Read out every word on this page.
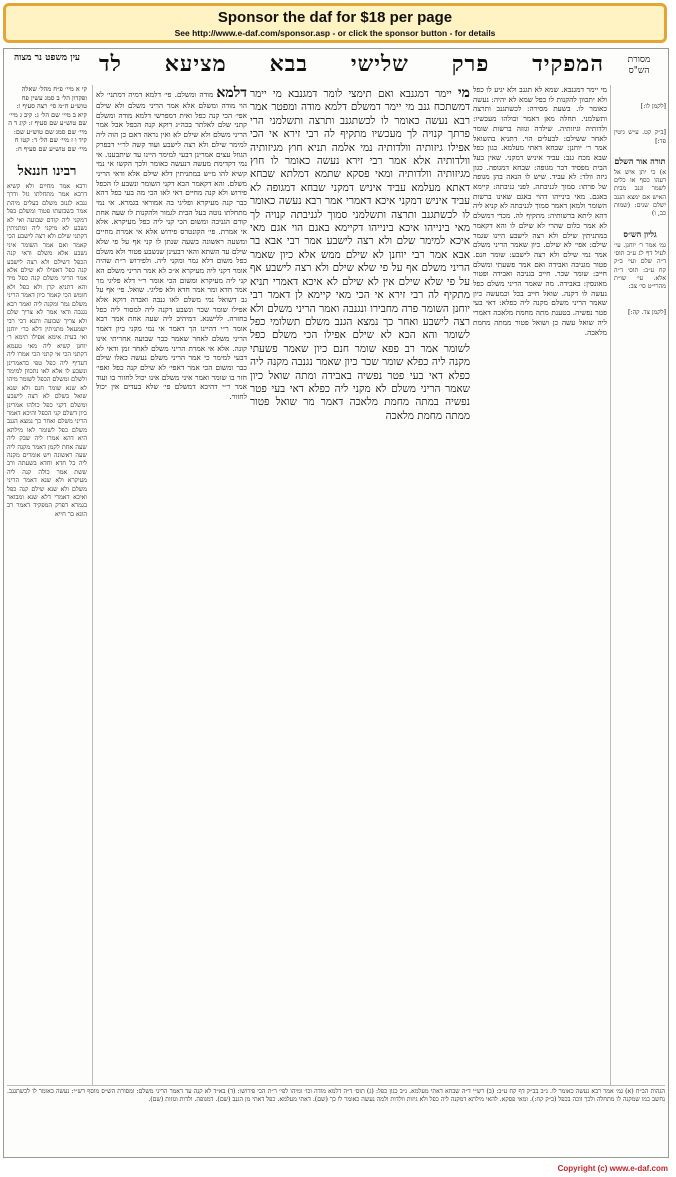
Sponsor the daf for $18 per page
See http://www.e-daf.com/sponsor.asp - or click the sponsor button - for details
עין משפט נר מצוה המפקיד פרק שלישי בבא מציעא לד	מסורת הש"ס
קי א מיי׳ פ״ח מהל׳ שאלה ופקדון הל׳ ב סמג עשין פח טוש״ע ח״מ סי׳ רצה סעיף ו: קיא ב מיי׳ שם הל׳ ג: קיב ג מיי׳ שם טוש״ע שם סעיף ז: קיג ד ה מיי׳ שם סמג שם טוש״ע שם: קיד ו ז מיי׳ שם הל׳ ד: קטו ח מיי׳ שם טוש״ע שם סעיף ח:
רבינו חננאל
ורבא אמר מחיים ולא קשיא דרבא אמר מתחלתו גזל ודרך גנבא לגנוב משלם בעלים מיהת אמר בשבועתו פטור ומשלם כפל דמקני ליה קודם שבועה ואי לא נשבע לא מיקני ליה ומתניתין דקתני שילם ולא רצה לישבע הכי קאמר ואם אמר השומר איני נשבע אלא משלם ודאי קנה הכפל דשילם ולא רצה לישבע קנה כפל דאפילו לא שילם אלא אמר הריני משלם קנה כפל מיד והא דתניא קרן ולא כפל ולא חומש הכי קאמר כיון דאמר הריני משלם גמר ומקנה ליה ואמר רבא נגנבה ודאי אמר לא צריך שלם ולא צריך שבועה ותנא דבי רבי ישמעאל מתניתין דלא כר׳ יוחנן ואי בעית אימא אפילו תימא ר׳ יוחנן קשיא ליה מאי טעמא דקתני הכי אי קתני הכי אמרו ליה דעדיף ליה כפל טפי כדאמרינן ונשבע לו אלא לאו נתכוון למימר ולשלם ומשלם הכפל לשומר מיהו לא שנא שומר חנם ולא שנא שואל בשלם לא רצה לישבע ומשלם דקני כפל כולהו אמרינן כיון דשלם קני הכפל והיכא דאמר הריני משלם ואחר כך נמצא הגנב משלם כפל לשומר לאו מילתא היא דהא אמרו ליה שבק ליה שעה אחת לקמן דאמר מקנה ליה שעה ראשונה ויש אומרים מקנה ליה כל חדא וחדא בשעתה ורב ששת אמר כולה קנה ליה מעיקרא ולא שנא דאמר הריני משלם ולא שנא שילם קנה כפל ואיכא דאמרי דלא שנא ומבואר בגמרא דפרק המפקיד דאמר רב הונא בר חייא
דלמא מודה ומשלם. פי׳ דלמא דמיה דמתני׳ לא הוי מודה ומשלם אלא אמר הריני משלם ולא שילם אפי׳ הכי קנה כפל ואית דמפרשי דלמא מודה ומשלם קתני שלם לאלתר בכה״ג דוקא קנה הכפל אבל אמר הריני משלם ולא שילם לא ואין נראה דאם כן הוה ליה למימר שילם ולא רצה לישבע ועוד קשה לר״י דבפרק הגוזל עצים אמרינן דבעי למימר היינו עד שיתבענו. אי נמי דקדימת מעשה דנעשה כאומר ולכך הקשו אי נמי קשיא להו מ״ש במתניתין דלא שילם אלא ודאי הריני משלם. והא דקאמר הכא דקני השומר ונשבע לו הכפל פירוש ולא קנה מחיים דאי לאו הכי מה בעי כפל דהא כבר קנה מעיקרא ופליגי בה אמוראי בגמרא. אי נמי מתחלתו נוטה בעל הבית לגמור ולהקנות לו שעה אחת קודם הגניבה ומשום הכי קני ליה כפל מעיקרא. אלא אי אמרת. פי׳ הקונטרס פירוש אלא אי אמרת מחיים ומשעה ראשונה בשעה שנתן לו קני אף על פי שלא שילם עד השתא והאי דבעינן שנשבע פטור ולא משלם כפל משום דלא גמר ומקני ליה. ולפירוש ר״ת שהיה אומר דקני ליה מעיקרא א״כ לא אמר הריני משלם הא קני ליה מעיקרא ומשום הכי אומר ר״י דלא פליגי מר אמר חדא ומר אמר חדא ולא פליגי. שואל. פי׳ אף על גב דשואל נמי משלם לאו גנבה ואבדה דוקא אלא אפילו שומר שכר ונשבע דקנה ליה למסור ליה כפל בחזרה. ללישנא. דמיהיב ליה שעה אחת אמר רבא אומר ר״י דהיינו הך דאמר אי נמי מקני כיון דאמר הריני משלם לאחר שאמר כבר שבועה אחריתי אינו קונה. אלא אי אמרת הריני משלם לאחר זמן ודאי לא דבעי למימר כי אמר הריני משלם נעשה כאלו שילם כבר ומשום הכי אמר דאפי׳ לא שילם קנה כפל ואפי׳ חזר בו שומר ואמר איני משלם אינו יכול לחזור בו ועוד אמר ר״י דהיכא דמשלם פי׳ שלא בעדים אין יכול לחזור.
מי יימר דמגנבא ואם תימצי לומר דמגנבא מי יימר דמשתכח גנב מי יימר דמשלם דלמא מודה ומפטר אמר רבא נעשה כאומר לו לכשתגנב ותרצה ותשלמני הרי פרתך קנויה לך מעכשיו מתקיף לה רבי זירא אי הכי אפילו גיזותיה וולדותיה נמי אלמה תניא חוץ מגיזותיה וולדותיה אלא אמר רבי זירא נעשה כאומר לו חוץ מגיזותיה וולדותיה ומאי פסקא שתמא דמלתא שבחא דאתא מעלמא עביד איניש דמקני שבחא דמגופה לא עביד איניש דמקני איכא דאמרי אמר רבא נעשה כאומר לו לכשתגנב ותרצה ותשלמני סמוך לגניבתה קנויה לך מאי בינייהו איכא בינייהו דקיימא באגם הוי אגם מאי איכא למימר שלם ולא רצה לישבע אמר רבי אבא בר אבא אמר רבי יוחנן לא שילם ממש אלא כיון שאמר הריני משלם אף על פי שלא שילם ולא רצה לישבע אף על פי שלא שילם אין לא שילם לא איכא דאמרי תניא מתקיף לה רבי זירא אי הכי מאי קיימא לן דאמר רבי יוחנן השומר פרה מחבירו ונגנבה ואמר הריני משלם ולא רצה לישבע ואחר כך נמצא הגנב משלם תשלומי כפל לשומר והא הכא לא שילם אפילו הכי משלם כפל לשומר אמר רב פפא שומר חנם כיון שאמר פשעתי מקנה ליה כפלא שומר שכר כיון שאמר נגנבה מקנה ליה כפלא דאי בעי פטר נפשיה באבידה ומתה שואל כיון שאמר הריני משלם לא מקני ליה כפלא דאי בעי פטר נפשיה במתה מחמת מלאכה דאמר מר שואל פטור ממתה מחמת מלאכה
מי יימר דמגנבא. שמא לא תגנב ולא יגיע לו כפל ולא יתכוון להקנות לו כפל שמא לא יהיה: נעשה כאומר לו. בשעת מסירה: לכשתגנב ותרצה ותשלמני. תחלה מאן דאמר וכולהו מעכשיו: ולדותיה וגיזותיה. שילדה וגזזה ברשות שומר לאחר ששילם: לבעלים הוי. דתניא בהשואל אמר ר׳ יוחנן: שבחא דאתי מעלמא. כגון כפל שבא מכח גנב: עביד איניש דמקני. שאין בעל הבית מפסיד דבר מגופה: שבחא דמגופה. כגון גיזה וולד: לא עביד. שיש לו הנאה בהן מגופה של פרתו: סמוך לגניבתה. לפני גניבתה: קיימא באגם. מאי בינייהו דהוי באגם שאינו ברשות השומר ולמאן דאמר סמוך לגניבתה לא קניא ליה דהא ליתא ברשותיה: מתקיף לה. מכדי דמשלם לא אמר כלום שהרי לא שילם לו והא דקאמר במתניתין שילם ולא רצה לישבע היינו שגמר שילם: אפי׳ לא שילם. כיון שאמר הריני משלם אמר נמי שילם ולא רצה לישבע: שומר חנם. פטור מגניבה ואבידה ואם אמר פשעתי ומשלם חייב: שומר שכר. חייב בגניבה ואבידה ופטור מאונסין: באבידה. מה שאמר הריני משלם כפל נעשה לו דקנה. שואל חייב בכל וכמעשה כיון שאמר הריני משלם מקנה ליה כפלא: דאי בעי פטר נפשיה. בטענת מתה מחמת מלאכה דאמרי ליה שואל עשה כן ושואל פטור ממתה מחמת מלאכה.
[לקמן לו:]
[ב״ק קט. ע״ש גיטין פד:]
תורה אור השלם
א) כי יתן איש אל רעהו כסף או כלים לשמר וגנב מבית האיש אם ימצא הגנב ישלם שנים: (שמות כב, ו)
גליון הש״ס
גמ׳ אמר ר׳ יוחנן. עי׳ לעיל דף לג ע״ב תוס׳ ד״ה שלם ועי׳ ב״ק קח ע״ב: תוס׳ ד״ה אלא. עי׳ שו״ת מהרי״ט סי׳ צב:
[לקמן צד. קה:]
הגהות הב״ח (א) גמ׳ אמר רבא נעשה כאומר לו. נ״ב בב״ק דף קח ע״ב: (ב) רש״י ד״ה שבחא דאתי מעלמא. נ״ב כגון כפל: (ג) תוס׳ ד״ה דלמא מודה וכו׳ ומיהו לפי׳ ר״ת הכי פירושו: (ד) בא״ד לא קנה עד דאמר הריני משלם: ומסורת הש״ס מוסף רש״י: נעשה כאומר לו לכשתגנב. נחשב כמו שמקנה לו מתחלה ולכך זוכה בכפל (ב״ק קח:). ומאי פסקא. להאי מילתא דמקנה ליה כפל ולא גיזות וולדות ולמה נעשה כאומר לו כך (שם). דאתי מעלמא. כפל דאתי מן הגנב (שם). דמגופה. ולדות וגזזות (שם).
Copyright (c) www.e-daf.com
